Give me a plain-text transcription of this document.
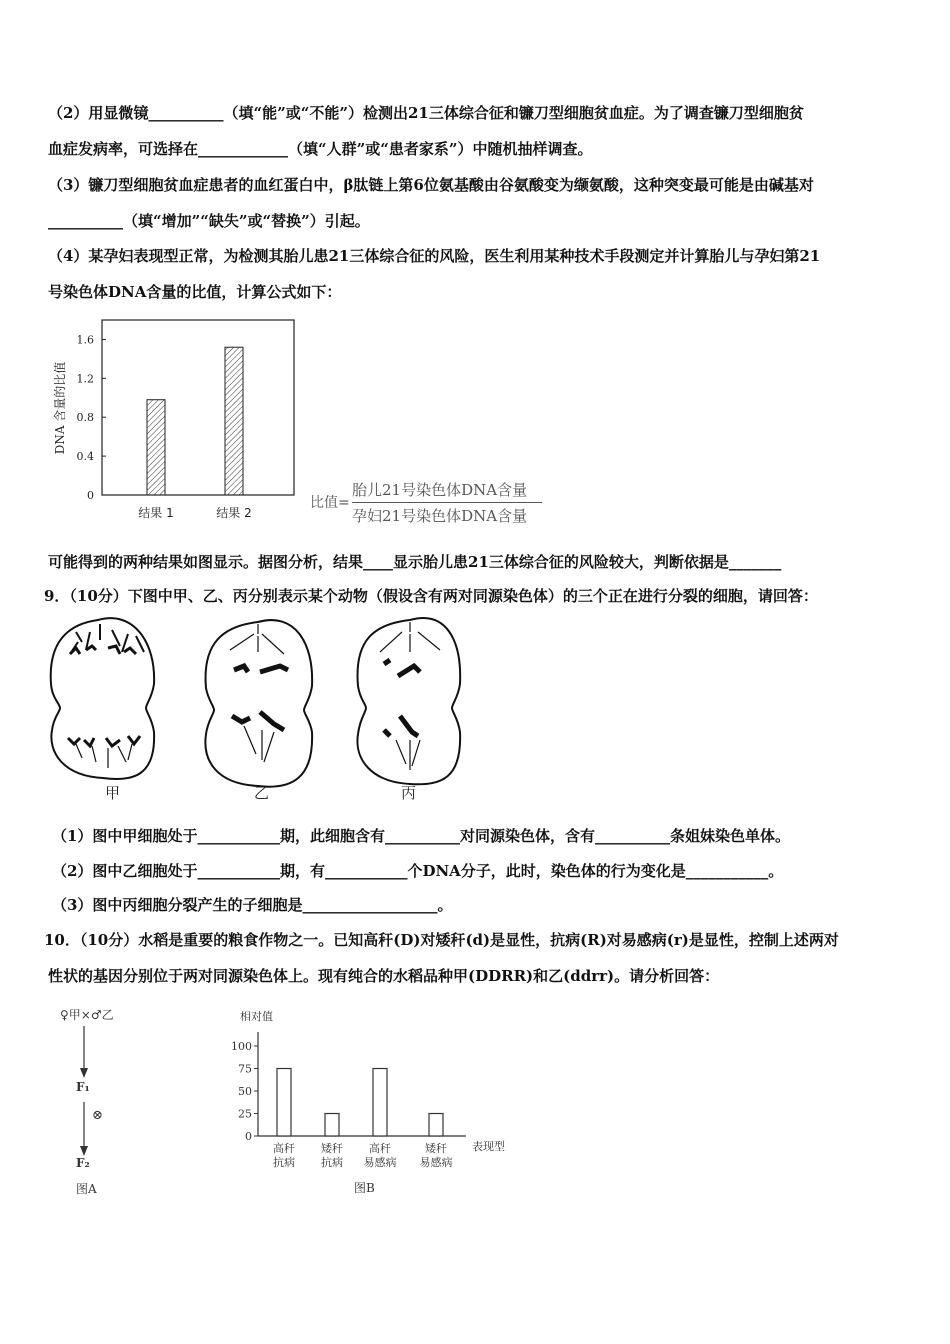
（2）用显微镜__________（填“能”或“不能”）检测出21三体综合征和镰刀型细胞贫血症。为了调查镰刀型细胞贫
血症发病率，可选择在____________（填“人群”或“患者家系”）中随机抽样调查。
（3）镰刀型细胞贫血症患者的血红蛋白中，β肽链上第6位氨基酸由谷氨酸变为缬氨酸，这种突变最可能是由碱基对
__________（填“增加”“缺失”或“替换”）引起。
（4）某孕妇表现型正常，为检测其胎儿患21三体综合征的风险，医生利用某种技术手段测定并计算胎儿与孕妇第21
号染色体DNA含量的比值，计算公式如下：
0
0.4
0.8
1.2
1.6
结果 1	结果 2
DNA 含量的比值
比值=
胎儿21号染色体DNA含量
孕妇21号染色体DNA含量
可能得到的两种结果如图显示。据图分析，结果____显示胎儿患21三体综合征的风险较大，判断依据是_______
9．（10分）下图中甲、乙、丙分别表示某个动物（假设含有两对同源染色体）的三个正在进行分裂的细胞，请回答：
甲	乙	丙
（1）图中甲细胞处于___________期，此细胞含有__________对同源染色体，含有__________条姐妹染色单体。
（2）图中乙细胞处于___________期，有___________个DNA分子，此时，染色体的行为变化是___________。
（3）图中丙细胞分裂产生的子细胞是__________________。
10．（10分）水稻是重要的粮食作物之一。已知高秆(D)对矮秆(d)是显性，抗病(R)对易感病(r)是显性，控制上述两对
性状的基因分别位于两对同源染色体上。现有纯合的水稻品种甲(DDRR)和乙(ddrr)。请分析回答：
♀甲×♂乙
F₁
⊗
F₂
图A
相对值
0
25
50
75
100
高秆
抗病
矮秆
抗病
高秆
易感病
矮秆
易感病
表现型
图B
